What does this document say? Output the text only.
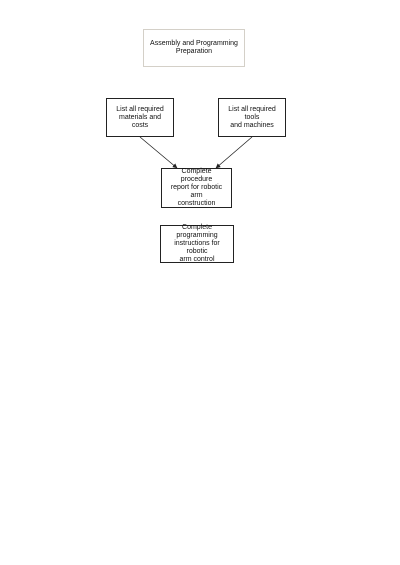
Assembly and Programming
Preparation
List all required
materials and costs
List all required tools
and machines
Complete procedure
report for robotic arm
construction
Complete programming
instructions for robotic
arm control
